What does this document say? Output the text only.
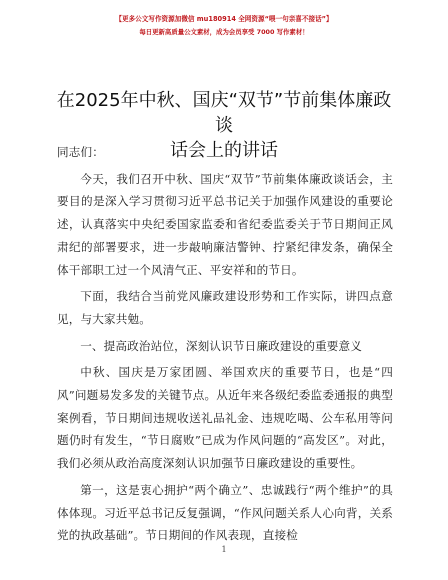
【更多公文写作资源加微信 mu180914 全网资源“喂一句亲喜不接话”】
每日更新高质量公文素材，成为会员享受 7000 写作素材！
在2025年中秋、国庆“双节”节前集体廉政谈
话会上的讲话

同志们：

今天，我们召开中秋、国庆“双节”节前集体廉政谈话会，主要目的是深入学习贯彻习近平总书记关于加强作风建设的重要论述，认真落实中央纪委国家监委和省纪委监委关于节日期间正风肃纪的部署要求，进一步敲响廉洁警钟、拧紧纪律发条，确保全体干部职工过一个风清气正、平安祥和的节日。

下面，我结合当前党风廉政建设形势和工作实际，讲四点意见，与大家共勉。

一、提高政治站位，深刻认识节日廉政建设的重要意义

中秋、国庆是万家团圆、举国欢庆的重要节日，也是“四风”问题易发多发的关键节点。从近年来各级纪委监委通报的典型案例看，节日期间违规收送礼品礼金、违规吃喝、公车私用等问题仍时有发生，“节日腐败”已成为作风问题的“高发区”。对此，我们必须从政治高度深刻认识加强节日廉政建设的重要性。

第一，这是衷心拥护“两个确立”、忠诚践行“两个维护”的具体体现。习近平总书记反复强调，“作风问题关系人心向背，关系党的执政基础”。节日期间的作风表现，直接检

1
